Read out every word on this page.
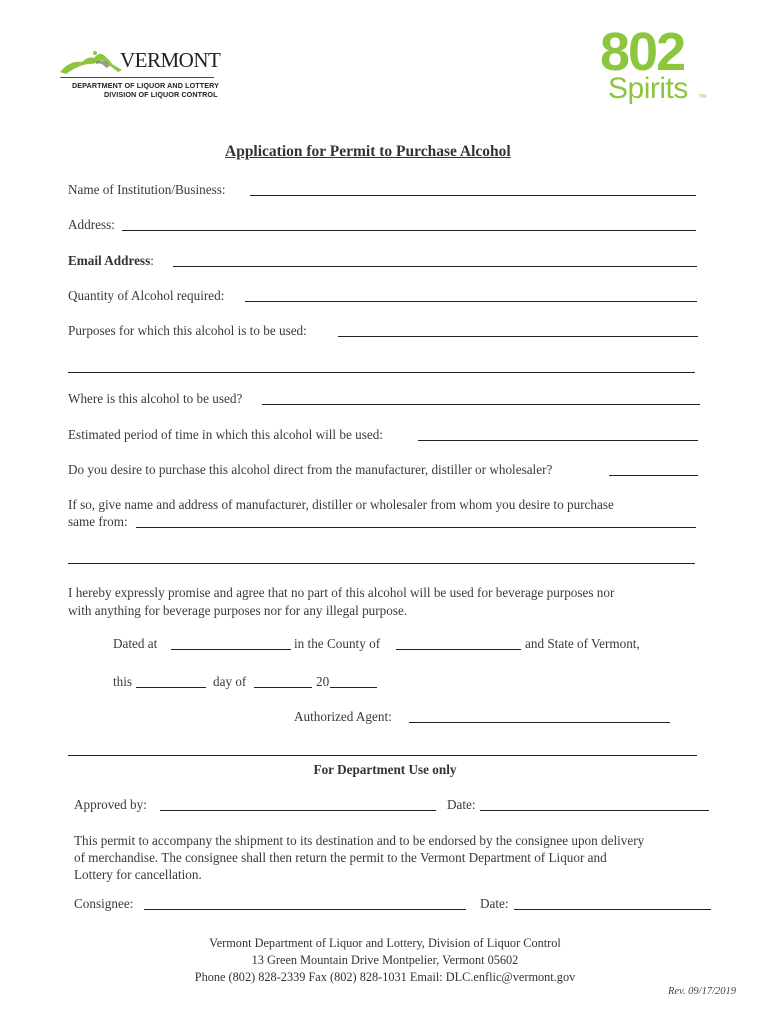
VERMONT
DEPARTMENT OF LIQUOR AND LOTTERY
DIVISION OF LIQUOR CONTROL
802
Spirits TM
Application for Permit to Purchase Alcohol
Name of Institution/Business:
Address:
Email Address:
Quantity of Alcohol required:
Purposes for which this alcohol is to be used:
Where is this alcohol to be used?
Estimated period of time in which this alcohol will be used:
Do you desire to purchase this alcohol direct from the manufacturer, distiller or wholesaler?
If so, give name and address of manufacturer, distiller or wholesaler from whom you desire to purchase
same from:
I hereby expressly promise and agree that no part of this alcohol will be used for beverage purposes nor
with anything for beverage purposes nor for any illegal purpose.
Dated at	in the County of	and State of Vermont,
this	day of	20
Authorized Agent:
For Department Use only
Approved by:	Date:
This permit to accompany the shipment to its destination and to be endorsed by the consignee upon delivery
of merchandise. The consignee shall then return the permit to the Vermont Department of Liquor and
Lottery for cancellation.
Consignee:	Date:
Vermont Department of Liquor and Lottery, Division of Liquor Control
13 Green Mountain Drive Montpelier, Vermont 05602
Phone (802) 828-2339 Fax (802) 828-1031 Email: DLC.enflic@vermont.gov
Rev. 09/17/2019
